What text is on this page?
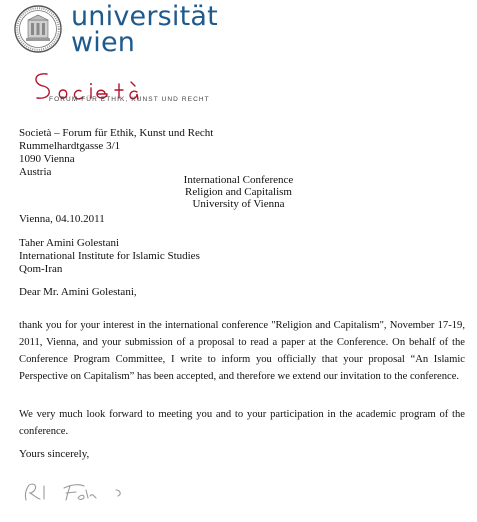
universität
wien
FORUM FÜR ETHIK, KUNST UND RECHT
Società – Forum für Ethik, Kunst und Recht
Rummelhardtgasse 3/1
1090 Vienna
Austria
International Conference
Religion and Capitalism
University of Vienna
Vienna, 04.10.2011
Taher Amini Golestani
International Institute for Islamic Studies
Qom-Iran
Dear Mr. Amini Golestani,
thank you for your interest in the international conference "Religion and Capitalism", November 17-19, 2011, Vienna, and your submission of a proposal to read a paper at the Conference. On behalf of the Conference Program Committee, I write to inform you officially that your proposal “An Islamic Perspective on Capitalism” has been accepted, and therefore we extend our invitation to the conference.
We very much look forward to meeting you and to your participation in the academic program of the conference.
Yours sincerely,
